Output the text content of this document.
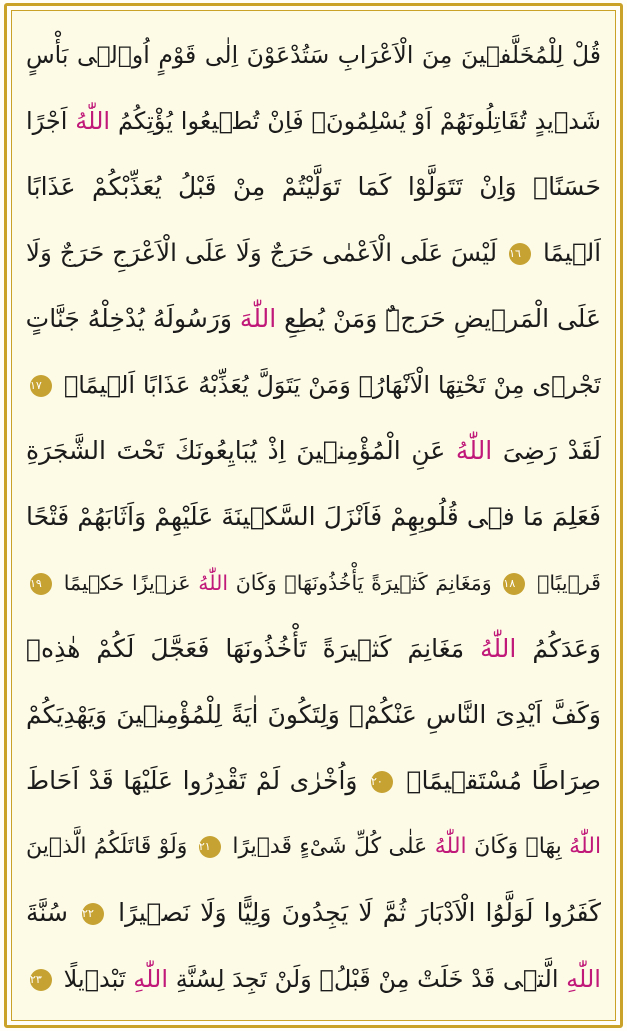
قُلْ لِلْمُخَلَّفٖينَ مِنَ الْاَعْرَابِ سَتُدْعَوْنَ اِلٰى قَوْمٍ اُو۬لٖى بَأْسٍ
شَدٖيدٍ تُقَاتِلُونَهُمْ اَوْ يُسْلِمُونَۚ فَاِنْ تُطٖيعُوا يُؤْتِكُمُ اللّٰهُ اَجْرًا
حَسَنًاۚ وَاِنْ تَتَوَلَّوْا كَمَا تَوَلَّيْتُمْ مِنْ قَبْلُ يُعَذِّبْكُمْ عَذَابًا
اَلٖيمًا ١٦ لَيْسَ عَلَى الْاَعْمٰى حَرَجٌ وَلَا عَلَى الْاَعْرَجِ حَرَجٌ وَلَا
عَلَى الْمَرٖيضِ حَرَجٌۜ وَمَنْ يُطِعِ اللّٰهَ وَرَسُولَهُ يُدْخِلْهُ جَنَّاتٍ
تَجْرٖى مِنْ تَحْتِهَا الْاَنْهَارُۚ وَمَنْ يَتَوَلَّ يُعَذِّبْهُ عَذَابًا اَلٖيمًاۚ ١٧
لَقَدْ رَضِىَ اللّٰهُ عَنِ الْمُؤْمِنٖينَ اِذْ يُبَايِعُونَكَ تَحْتَ الشَّجَرَةِ
فَعَلِمَ مَا فٖى قُلُوبِهِمْ فَاَنْزَلَ السَّكٖينَةَ عَلَيْهِمْ وَاَثَابَهُمْ فَتْحًا
قَرٖيبًاۙ ١٨ وَمَغَانِمَ كَثٖيرَةً يَأْخُذُونَهَاۜ وَكَانَ اللّٰهُ عَزٖيزًا حَكٖيمًا ١٩
وَعَدَكُمُ اللّٰهُ مَغَانِمَ كَثٖيرَةً تَأْخُذُونَهَا فَعَجَّلَ لَكُمْ هٰذِهٖ
وَكَفَّ اَيْدِىَ النَّاسِ عَنْكُمْۚ وَلِتَكُونَ اٰيَةً لِلْمُؤْمِنٖينَ وَيَهْدِيَكُمْ
صِرَاطًا مُسْتَقٖيمًاۙ ٢٠ وَاُخْرٰى لَمْ تَقْدِرُوا عَلَيْهَا قَدْ اَحَاطَ
اللّٰهُ بِهَاۜ وَكَانَ اللّٰهُ عَلٰى كُلِّ شَىْءٍ قَدٖيرًا ٢١ وَلَوْ قَاتَلَكُمُ الَّذٖينَ
كَفَرُوا لَوَلَّوُا الْاَدْبَارَ ثُمَّ لَا يَجِدُونَ وَلِيًّا وَلَا نَصٖيرًا ٢٢ سُنَّةَ
اللّٰهِ الَّتٖى قَدْ خَلَتْ مِنْ قَبْلُۚ وَلَنْ تَجِدَ لِسُنَّةِ اللّٰهِ تَبْدٖيلًا ٢٣
